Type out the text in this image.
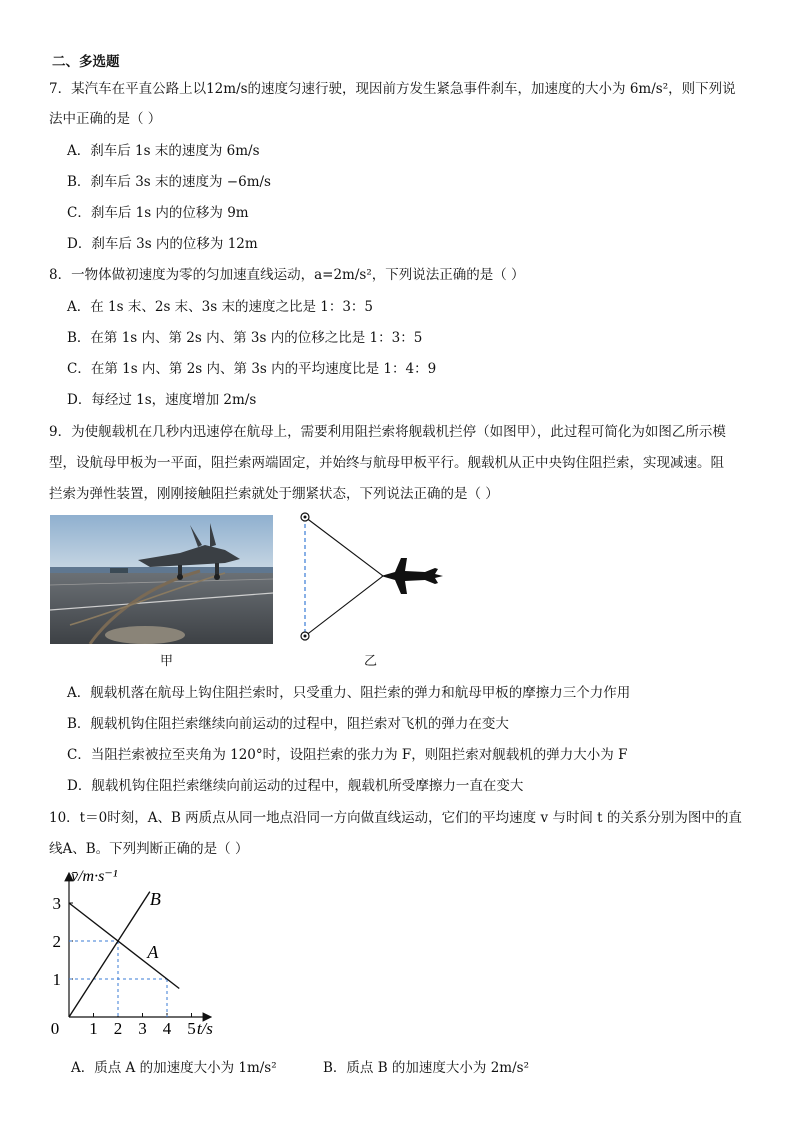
二、多选题
7．某汽车在平直公路上以12m/s的速度匀速行驶，现因前方发生紧急事件刹车，加速度的大小为 6m/s²，则下列说
法中正确的是（ ）
A．刹车后 1s 末的速度为 6m/s
B．刹车后 3s 末的速度为 −6m/s
C．刹车后 1s 内的位移为 9m
D．刹车后 3s 内的位移为 12m
8．一物体做初速度为零的匀加速直线运动，a=2m/s²，下列说法正确的是（ ）
A．在 1s 末、2s 末、3s 末的速度之比是 1：3：5
B．在第 1s 内、第 2s 内、第 3s 内的位移之比是 1：3：5
C．在第 1s 内、第 2s 内、第 3s 内的平均速度比是 1：4：9
D．每经过 1s，速度增加 2m/s
9．为使舰载机在几秒内迅速停在航母上，需要利用阻拦索将舰载机拦停（如图甲），此过程可简化为如图乙所示模
型，设航母甲板为一平面，阻拦索两端固定，并始终与航母甲板平行。舰载机从正中央钩住阻拦索，实现减速。阻
拦索为弹性装置，刚刚接触阻拦索就处于绷紧状态，下列说法正确的是（ ）
甲	乙
A．舰载机落在航母上钩住阻拦索时，只受重力、阻拦索的弹力和航母甲板的摩擦力三个力作用
B．舰载机钩住阻拦索继续向前运动的过程中，阻拦索对飞机的弹力在变大
C．当阻拦索被拉至夹角为 120°时，设阻拦索的张力为 F，则阻拦索对舰载机的弹力大小为 F
D．舰载机钩住阻拦索继续向前运动的过程中，舰载机所受摩擦力一直在变大
10．t＝0时刻，A、B 两质点从同一地点沿同一方向做直线运动，它们的平均速度 v 与时间 t 的关系分别为图中的直
线A、B。下列判断正确的是（ ）
1 2 3 4 5
1
2
3
0	t/s
v̄/m·s⁻¹
B
A
A．质点 A 的加速度大小为 1m/s²	B．质点 B 的加速度大小为 2m/s²
